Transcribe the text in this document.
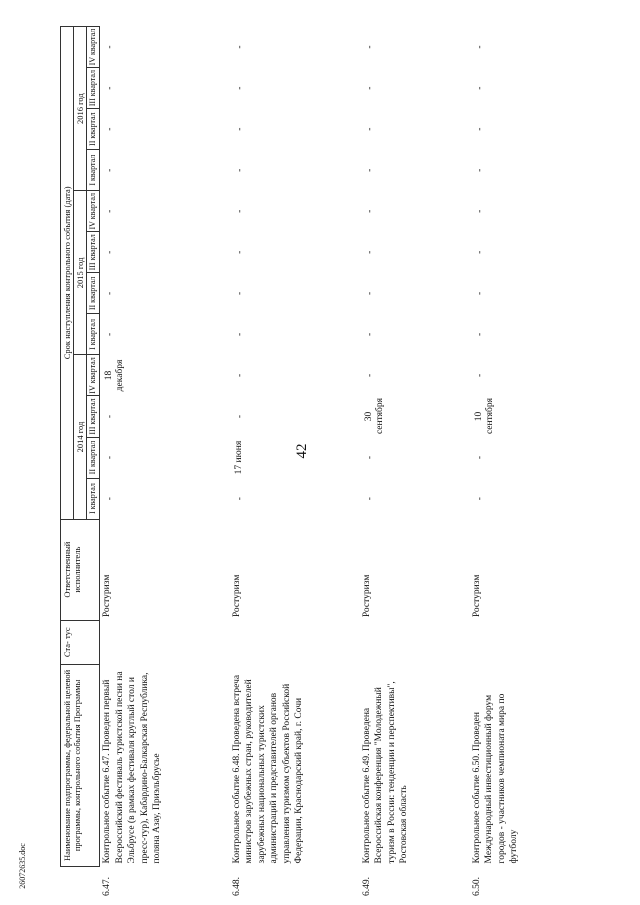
42
26072635.doc
	Наименование подпрограммы, федеральной целевой программы, контрольного события Программы	Ста- тус	Ответственный исполнитель	Срок наступления контрольного события (дата)											
				2014 год				2015 год				2016 год			
				I квартал	II квартал	III квартал	IV квартал	I квартал	II квартал	III квартал	IV квартал	I квартал	II квартал	III квартал	IV квартал
6.47.	Контрольное событие 6.47. Проведен первый Всероссийский фестиваль туристской песни на Эльбрусе (в рамках фестиваля круглый стол и пресс-тур), Кабардино-Балкарская Республика, поляна Азау, Приэльбрусье		Ростуризм	-	-	-	18 декабря	-	-	-	-	-	-	-	-
6.48.	Контрольное событие 6.48. Проведена встреча министров зарубежных стран, руководителей зарубежных национальных туристских администраций и представителей органов управления туризмом субъектов Российской Федерации, Краснодарский край, г. Сочи		Ростуризм	-	17 июня	-	-	-	-	-	-	-	-	-	-
6.49.	Контрольное событие 6.49. Проведена Всероссийская конференция "Молодежный туризм в России: тенденции и перспективы", Ростовская область		Ростуризм	-	-	30 сентября	-	-	-	-	-	-	-	-	-
6.50.	Контрольное событие 6.50. Проведен Международный инвестиционный форум городов - участников чемпионата мира по футболу		Ростуризм	-	-	10 сентября	-	-	-	-	-	-	-	-	-
